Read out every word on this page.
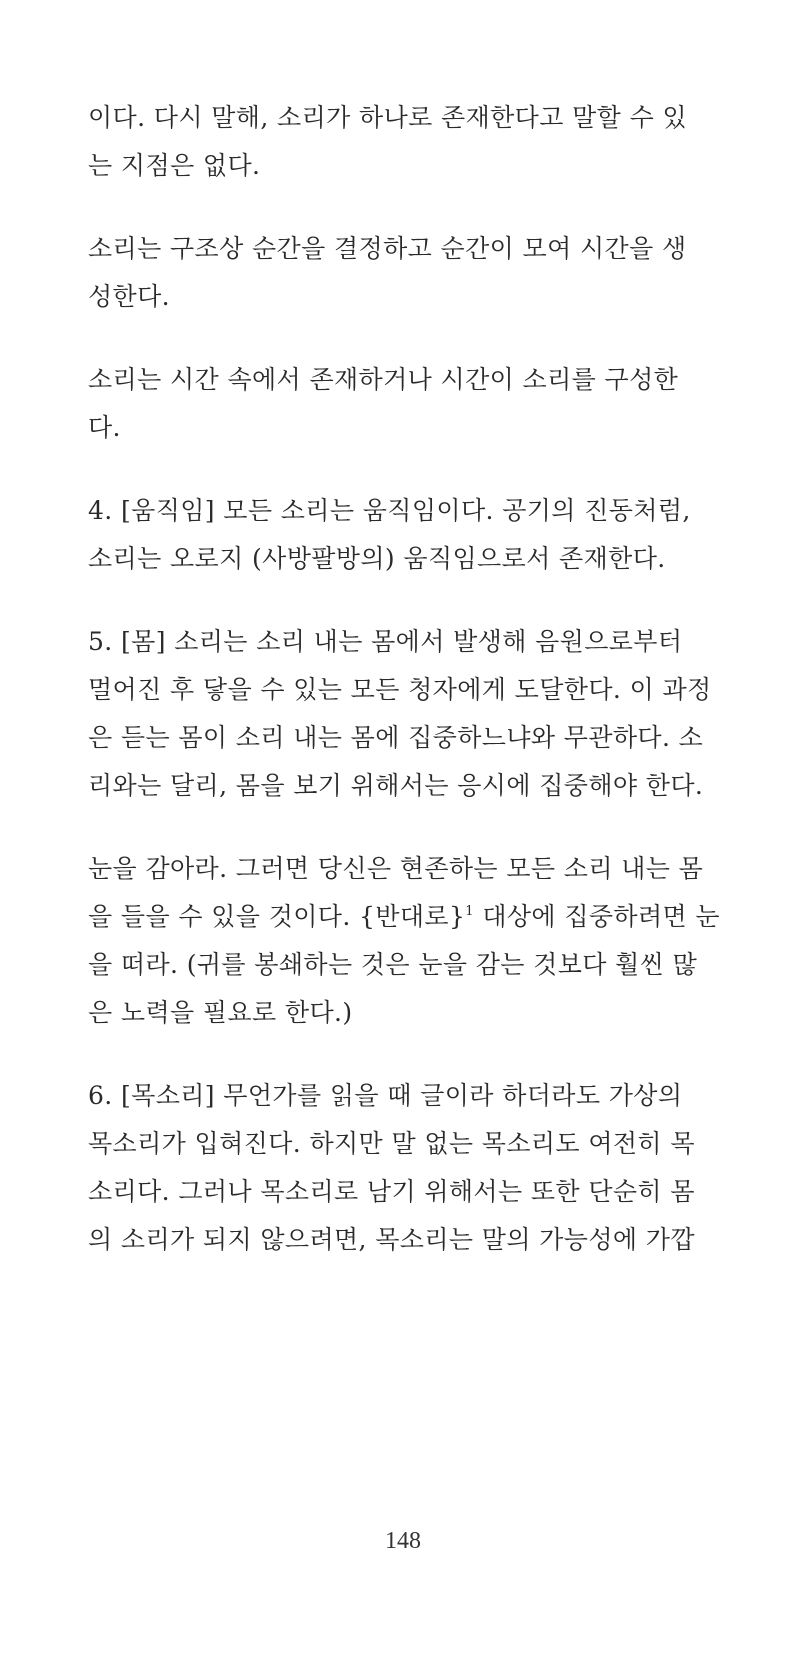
이다. 다시 말해, 소리가 하나로 존재한다고 말할 수 있
는 지점은 없다.
소리는 구조상 순간을 결정하고 순간이 모여 시간을 생
성한다.
소리는 시간 속에서 존재하거나 시간이 소리를 구성한
다.
4. [움직임] 모든 소리는 움직임이다. 공기의 진동처럼,
소리는 오로지 (사방팔방의) 움직임으로서 존재한다.
5. [몸] 소리는 소리 내는 몸에서 발생해 음원으로부터
멀어진 후 닿을 수 있는 모든 청자에게 도달한다. 이 과정
은 듣는 몸이 소리 내는 몸에 집중하느냐와 무관하다. 소
리와는 달리, 몸을 보기 위해서는 응시에 집중해야 한다.
눈을 감아라. 그러면 당신은 현존하는 모든 소리 내는 몸
을 들을 수 있을 것이다. {반대로}$^1$ 대상에 집중하려면 눈
을 떠라. (귀를 봉쇄하는 것은 눈을 감는 것보다 훨씬 많
은 노력을 필요로 한다.)
6. [목소리] 무언가를 읽을 때 글이라 하더라도 가상의
목소리가 입혀진다. 하지만 말 없는 목소리도 여전히 목
소리다. 그러나 목소리로 남기 위해서는 또한 단순히 몸
의 소리가 되지 않으려면, 목소리는 말의 가능성에 가깝
148
